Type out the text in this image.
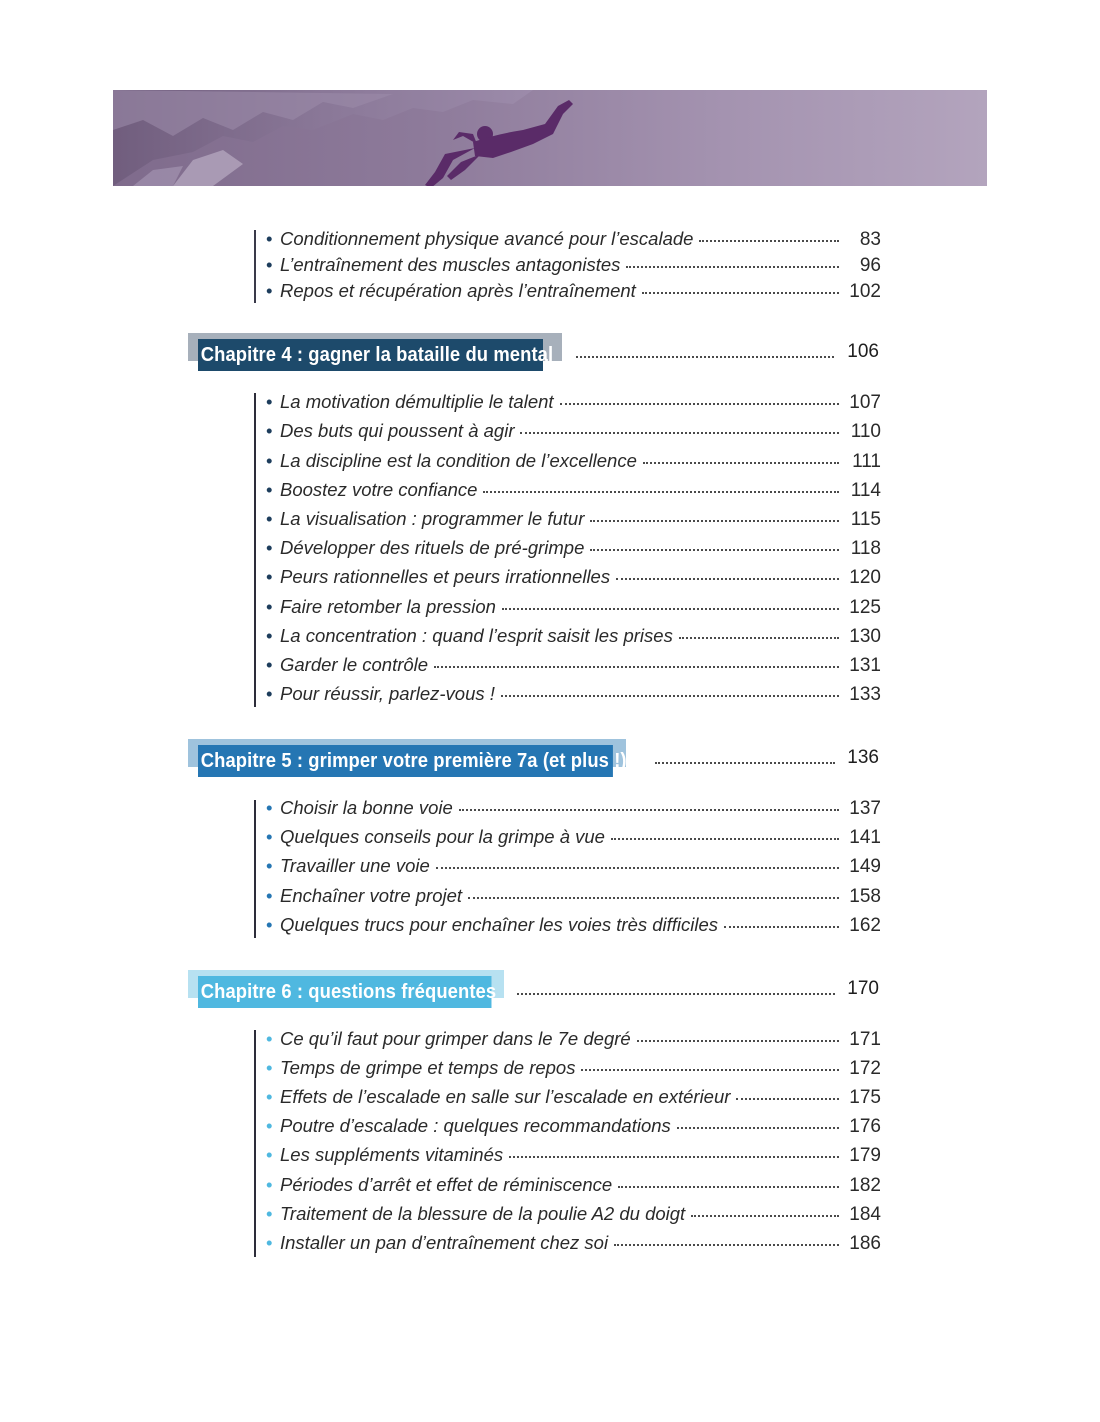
Chapitre 4 : gagner la bataille du mental	106
Chapitre 5 : grimper votre première 7a (et plus !)	136
Chapitre 6 : questions fréquentes	170
• Conditionnement physique avancé pour l’escalade	83
• L’entraînement des muscles antagonistes	96
• Repos et récupération après l’entraînement	102
• La motivation démultiplie le talent	107
• Des buts qui poussent à agir	110
• La discipline est la condition de l’excellence	111
• Boostez votre confiance	114
• La visualisation : programmer le futur	115
• Développer des rituels de pré-grimpe	118
• Peurs rationnelles et peurs irrationnelles	120
• Faire retomber la pression	125
• La concentration : quand l’esprit saisit les prises	130
• Garder le contrôle	131
• Pour réussir, parlez-vous !	133
• Choisir la bonne voie	137
• Quelques conseils pour la grimpe à vue	141
• Travailler une voie	149
• Enchaîner votre projet	158
• Quelques trucs pour enchaîner les voies très difficiles	162
• Ce qu’il faut pour grimper dans le 7e degré	171
• Temps de grimpe et temps de repos	172
• Effets de l’escalade en salle sur l’escalade en extérieur	175
• Poutre d’escalade : quelques recommandations	176
• Les suppléments vitaminés	179
• Périodes d’arrêt et effet de réminiscence	182
• Traitement de la blessure de la poulie A2 du doigt	184
• Installer un pan d’entraînement chez soi	186
